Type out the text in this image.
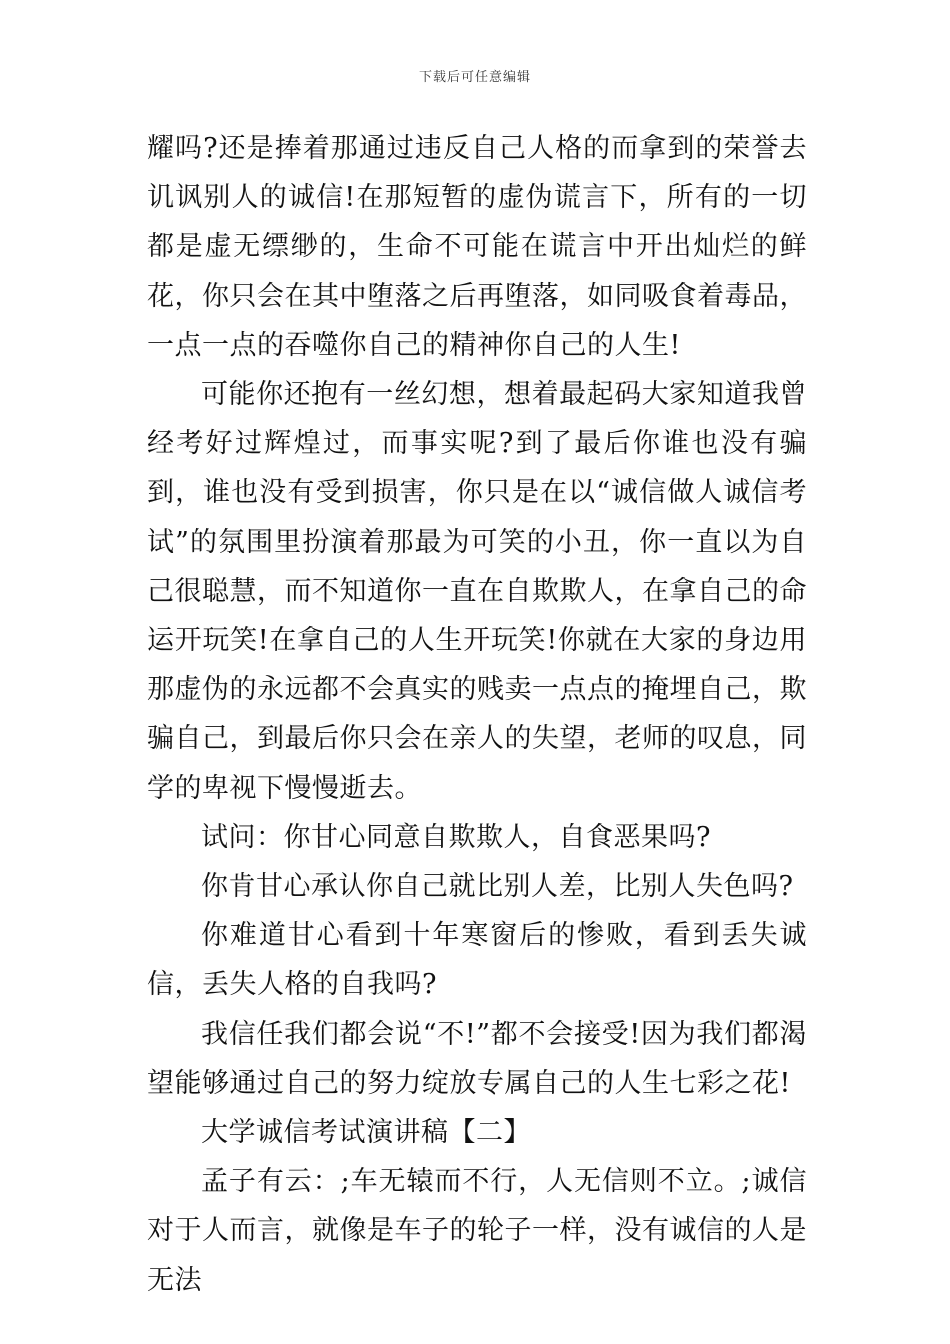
下载后可任意编辑

耀吗?还是捧着那通过违反自己人格的而拿到的荣誉去讥讽别人的诚信!在那短暂的虚伪谎言下，所有的一切都是虚无缥缈的，生命不可能在谎言中开出灿烂的鲜花，你只会在其中堕落之后再堕落，如同吸食着毒品，一点一点的吞噬你自己的精神你自己的人生!

可能你还抱有一丝幻想，想着最起码大家知道我曾经考好过辉煌过，而事实呢?到了最后你谁也没有骗到，谁也没有受到损害，你只是在以“诚信做人诚信考试”的氛围里扮演着那最为可笑的小丑，你一直以为自己很聪慧，而不知道你一直在自欺欺人，在拿自己的命运开玩笑!在拿自己的人生开玩笑!你就在大家的身边用那虚伪的永远都不会真实的贱卖一点点的掩埋自己，欺骗自己，到最后你只会在亲人的失望，老师的叹息，同学的卑视下慢慢逝去。

试问：你甘心同意自欺欺人，自食恶果吗?

你肯甘心承认你自己就比别人差，比别人失色吗?

你难道甘心看到十年寒窗后的惨败，看到丢失诚信，丢失人格的自我吗?

我信任我们都会说“不!”都不会接受!因为我们都渴望能够通过自己的努力绽放专属自己的人生七彩之花!

大学诚信考试演讲稿【二】

孟子有云：;车无辕而不行，人无信则不立。;诚信对于人而言，就像是车子的轮子一样，没有诚信的人是无法
